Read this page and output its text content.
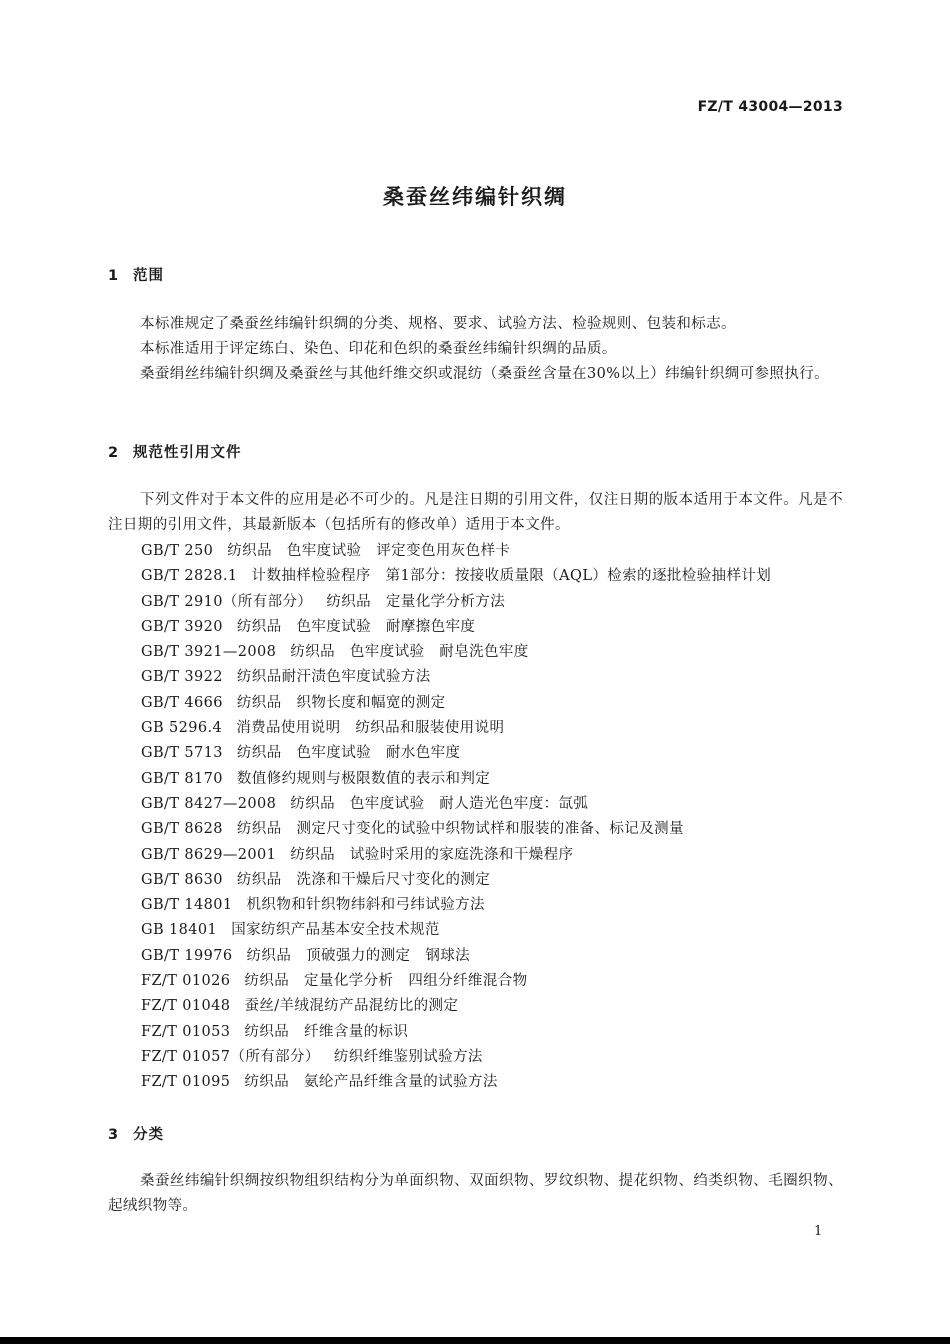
FZ/T 43004—2013
桑蚕丝纬编针织绸
1 范围

本标准规定了桑蚕丝纬编针织绸的分类、规格、要求、试验方法、检验规则、包装和标志。

本标准适用于评定练白、染色、印花和色织的桑蚕丝纬编针织绸的品质。

桑蚕绢丝纬编针织绸及桑蚕丝与其他纤维交织或混纺（桑蚕丝含量在30%以上）纬编针织绸可参照执行。

2 规范性引用文件

下列文件对于本文件的应用是必不可少的。凡是注日期的引用文件，仅注日期的版本适用于本文件。凡是不注日期的引用文件，其最新版本（包括所有的修改单）适用于本文件。

GB/T 250 纺织品　色牢度试验　评定变色用灰色样卡
GB/T 2828.1 计数抽样检验程序　第1部分：按接收质量限（AQL）检索的逐批检验抽样计划
GB/T 2910（所有部分） 纺织品　定量化学分析方法
GB/T 3920 纺织品　色牢度试验　耐摩擦色牢度
GB/T 3921—2008 纺织品　色牢度试验　耐皂洗色牢度
GB/T 3922 纺织品耐汗渍色牢度试验方法
GB/T 4666 纺织品　织物长度和幅宽的测定
GB 5296.4 消费品使用说明　纺织品和服装使用说明
GB/T 5713 纺织品　色牢度试验　耐水色牢度
GB/T 8170 数值修约规则与极限数值的表示和判定
GB/T 8427—2008 纺织品　色牢度试验　耐人造光色牢度：氙弧
GB/T 8628 纺织品　测定尺寸变化的试验中织物试样和服装的准备、标记及测量
GB/T 8629—2001 纺织品　试验时采用的家庭洗涤和干燥程序
GB/T 8630 纺织品　洗涤和干燥后尺寸变化的测定
GB/T 14801 机织物和针织物纬斜和弓纬试验方法
GB 18401 国家纺织产品基本安全技术规范
GB/T 19976 纺织品　顶破强力的测定　钢球法
FZ/T 01026 纺织品　定量化学分析　四组分纤维混合物
FZ/T 01048 蚕丝/羊绒混纺产品混纺比的测定
FZ/T 01053 纺织品　纤维含量的标识
FZ/T 01057（所有部分） 纺织纤维鉴别试验方法
FZ/T 01095 纺织品　氨纶产品纤维含量的试验方法
3 分类

桑蚕丝纬编针织绸按织物组织结构分为单面织物、双面织物、罗纹织物、提花织物、绉类织物、毛圈织物、起绒织物等。

1
